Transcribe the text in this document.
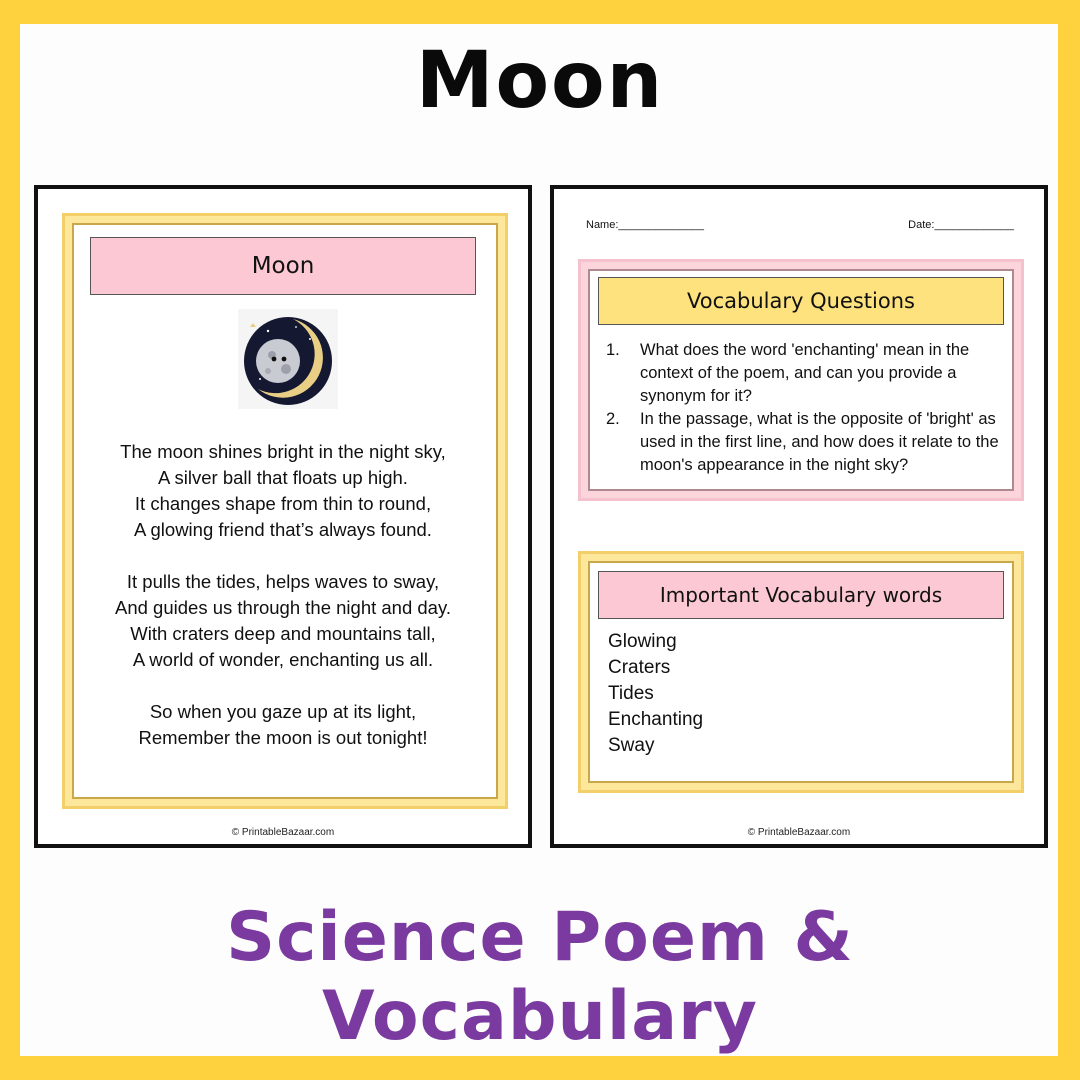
Moon
Moon
The moon shines bright in the night sky,
A silver ball that floats up high.
It changes shape from thin to round,
A glowing friend that’s always found.
It pulls the tides, helps waves to sway,
And guides us through the night and day.
With craters deep and mountains tall,
A world of wonder, enchanting us all.
So when you gaze up at its light,
Remember the moon is out tonight!
© PrintableBazaar.com
Name:______________	Date:_____________
Vocabulary Questions
1. What does the word 'enchanting' mean in the context of the poem, and can you provide a synonym for it?
2. In the passage, what is the opposite of 'bright' as used in the first line, and how does it relate to the moon's appearance in the night sky?
Important Vocabulary words
Glowing
Craters
Tides
Enchanting
Sway
© PrintableBazaar.com
Science Poem & Vocabulary
